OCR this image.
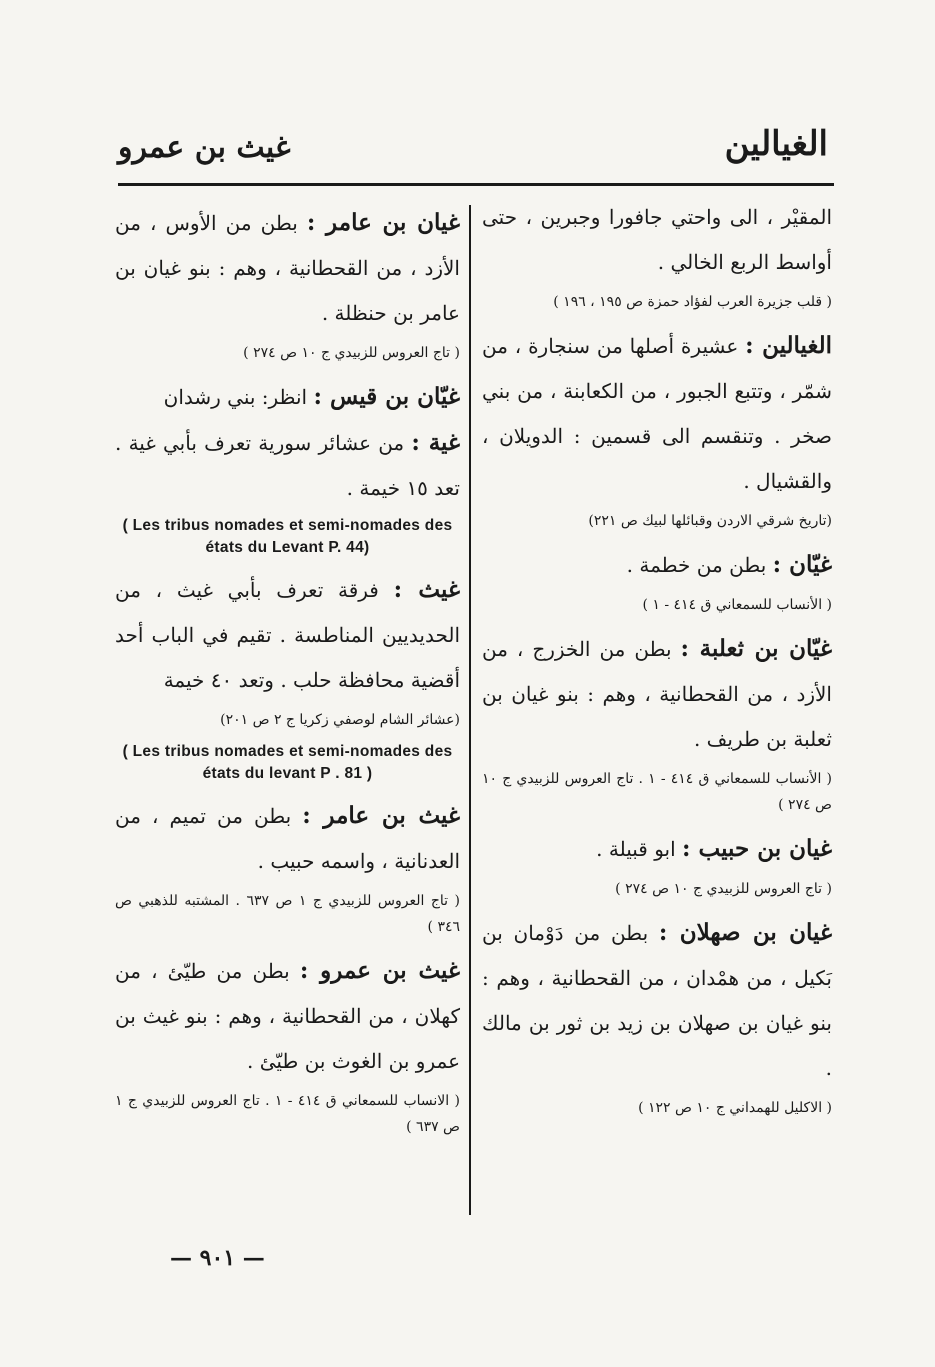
الغيالين
غيث بن عمرو

المقيْر ، الى واحتي جافورا وجبرين ، حتى أواسط الربع الخالي .

( قلب جزيرة العرب لفؤاد حمزة ص ١٩٥ ، ١٩٦ )

الغيالين : عشيرة أصلها من سنجارة ، من شمّر ، وتتبع الجبور ، من الكعابنة ، من بني صخر . وتنقسم الى قسمين : الدويلان ، والقشيال .

(تاريخ شرقي الاردن وقبائلها لبيك ص ٢٢١)

غيّان : بطن من خطمة .

( الأنساب للسمعاني ق ٤١٤ - ١ )

غيّان بن ثعلبة : بطن من الخزرج ، من الأزد ، من القحطانية ، وهم : بنو غيان بن ثعلبة بن طريف .

( الأنساب للسمعاني ق ٤١٤ - ١ . تاج العروس للزبيدي ج ١٠ ص ٢٧٤ )

غيان بن حبيب : ابو قبيلة .

( تاج العروس للزبيدي ج ١٠ ص ٢٧٤ )

غيان بن صهلان : بطن من دَوْمان بن بَكيل ، من همْدان ، من القحطانية ، وهم : بنو غيان بن صهلان بن زيد بن ثور بن مالك .

( الاكليل للهمداني ج ١٠ ص ١٢٢ )

غيان بن عامر : بطن من الأوس ، من الأزد ، من القحطانية ، وهم : بنو غيان بن عامر بن حنظلة .

( تاج العروس للزبيدي ج ١٠ ص ٢٧٤ )

غيّان بن قيس : انظر: بني رشدان

غية : من عشائر سورية تعرف بأبي غية . تعد ١٥ خيمة .

( Les tribus nomades et semi-nomades des états du Levant P. 44)

غيث : فرقة تعرف بأبي غيث ، من الحديديين المناطسة . تقيم في الباب أحد أقضية محافظة حلب . وتعد ٤٠ خيمة

(عشائر الشام لوصفي زكريا ج ٢ ص ٢٠١)

( Les tribus nomades et semi-nomades des états du levant P . 81 )

غيث بن عامر : بطن من تميم ، من العدنانية ، واسمه حبيب .

( تاج العروس للزبيدي ج ١ ص ٦٣٧ . المشتبه للذهبي ص ٣٤٦ )

غيث بن عمرو : بطن من طيّئ ، من كهلان ، من القحطانية ، وهم : بنو غيث بن عمرو بن الغوث بن طيّئ .

( الانساب للسمعاني ق ٤١٤ - ١ . تاج العروس للزبيدي ج ١ ص ٦٣٧ )

— ٩٠١ —
